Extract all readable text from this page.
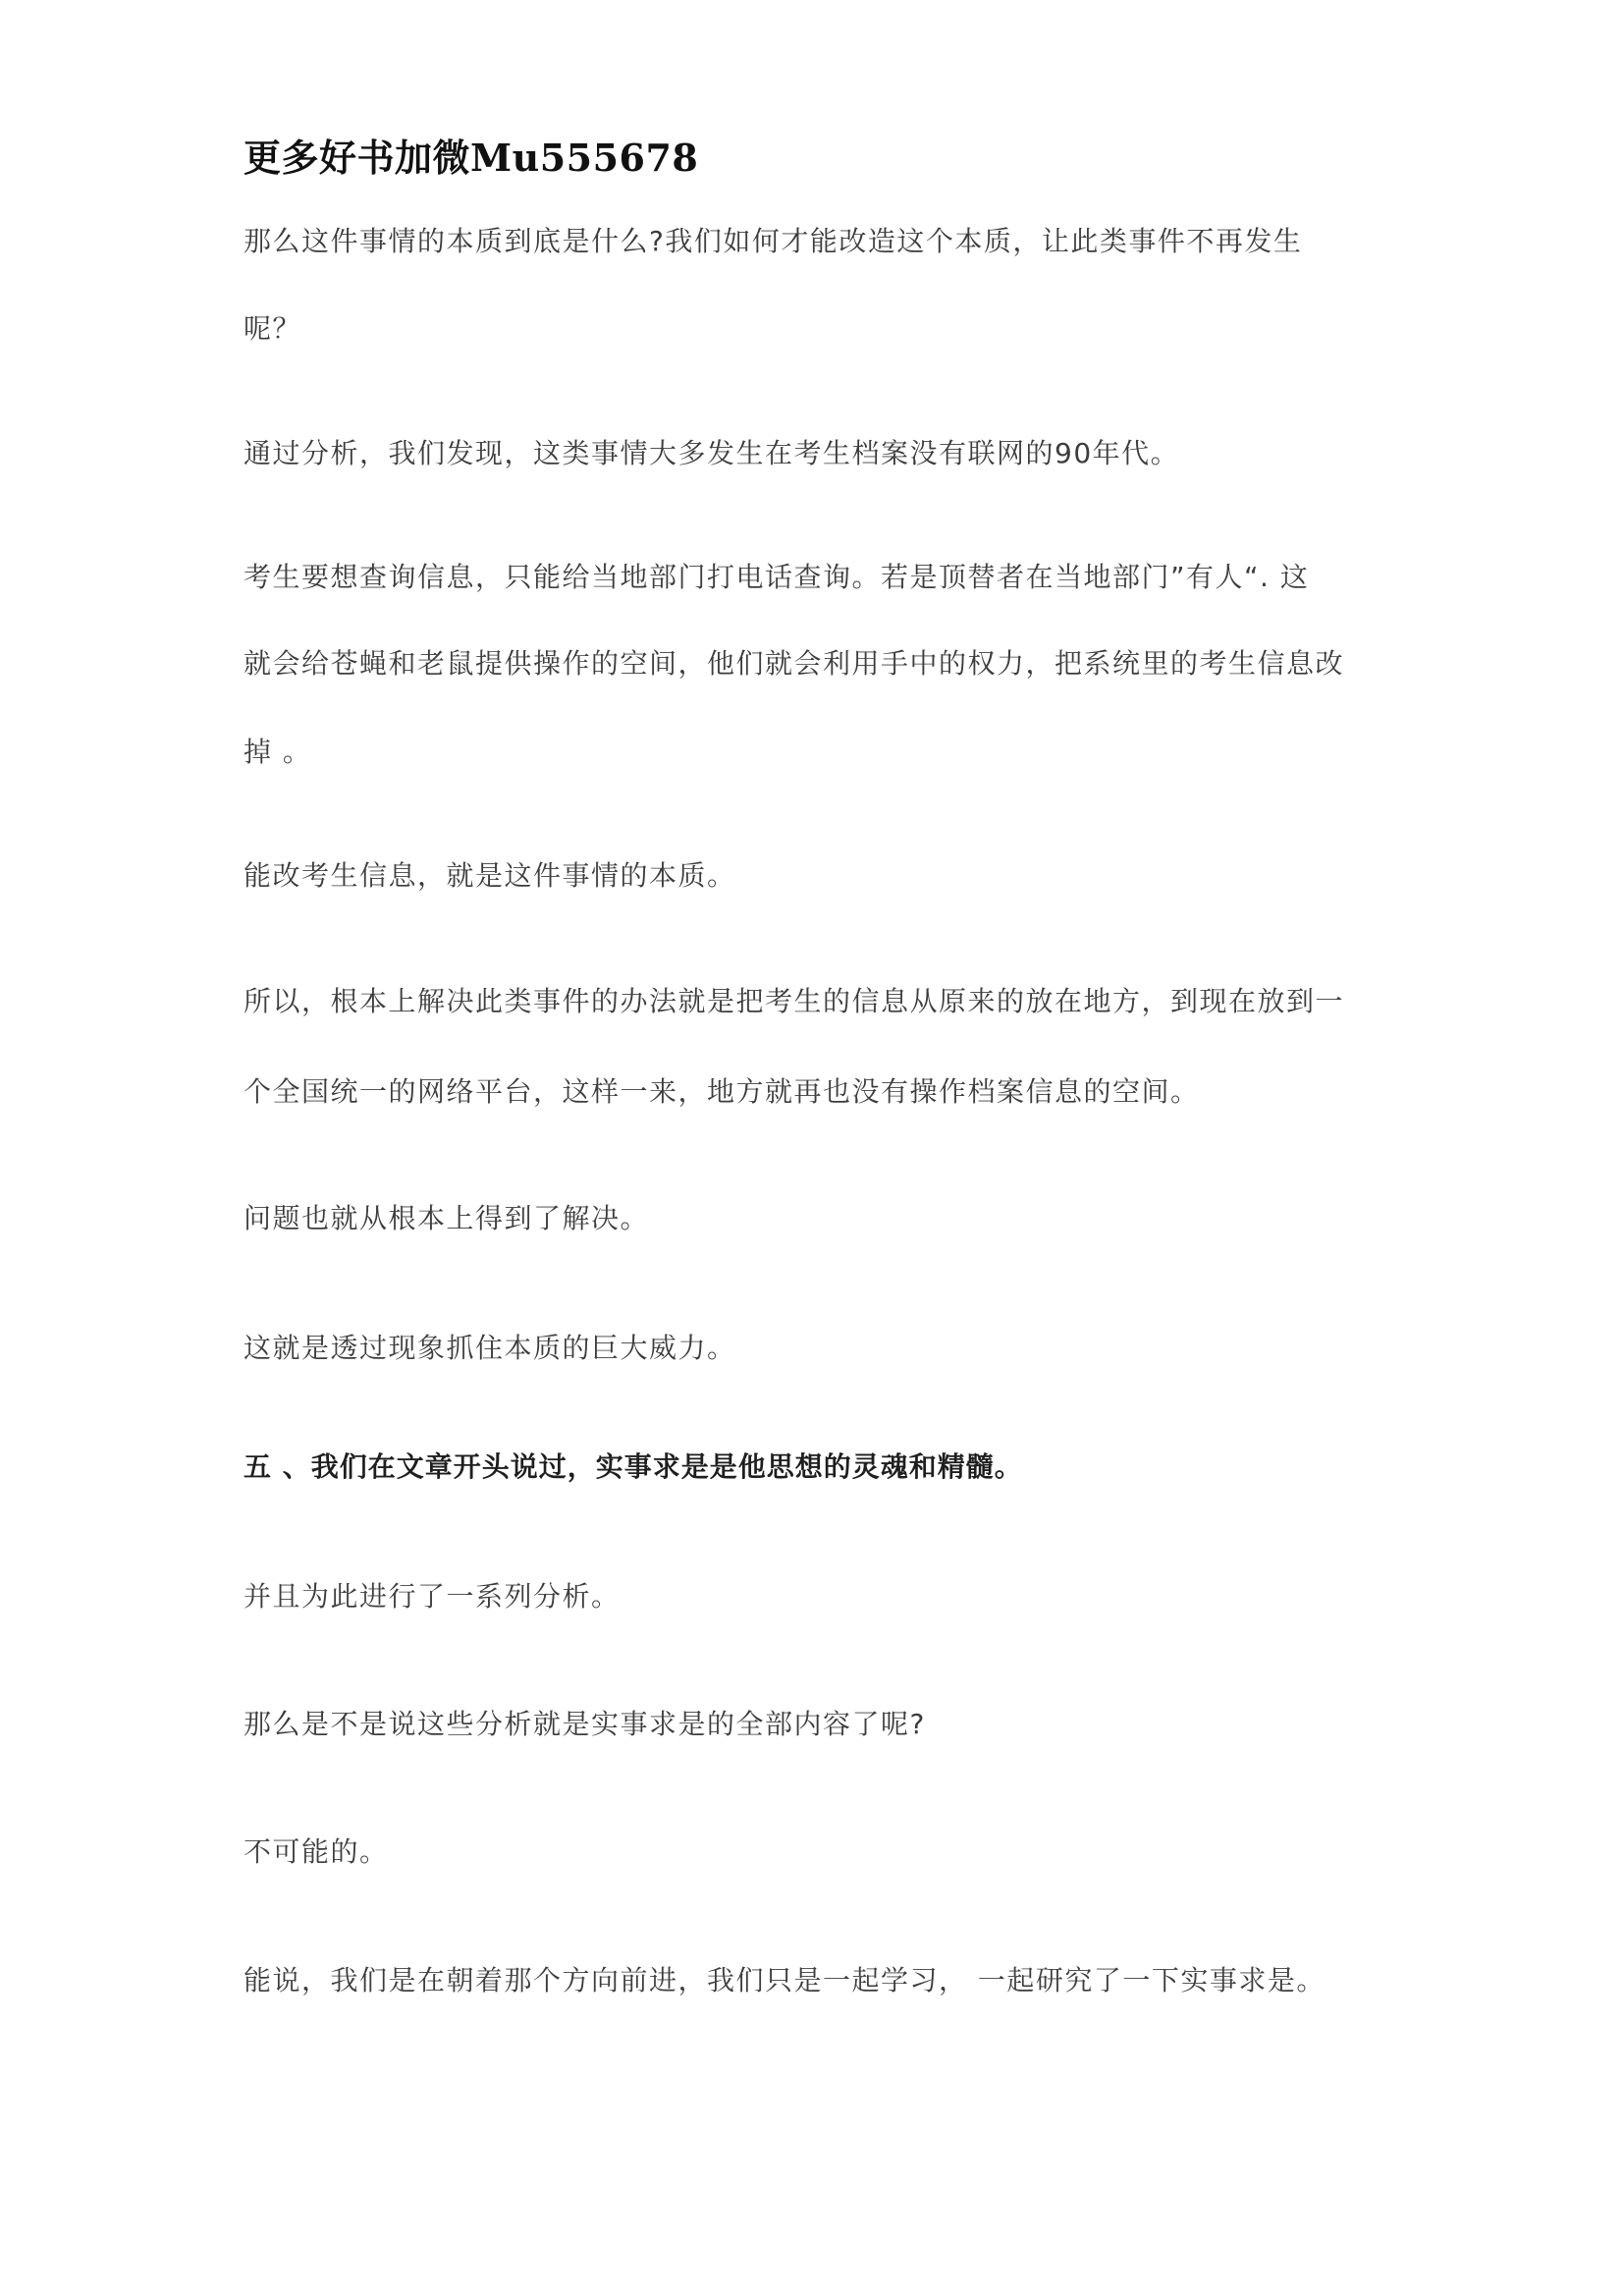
更多好书加微Mu555678

那么这件事情的本质到底是什么?我们如何才能改造这个本质，让此类事件不再发生

呢？

通过分析，我们发现，这类事情大多发生在考生档案没有联网的90年代。

考生要想查询信息，只能给当地部门打电话查询。若是顶替者在当地部门”有人“. 这

就会给苍蝇和老鼠提供操作的空间，他们就会利用手中的权力，把系统里的考生信息改

掉 。

能改考生信息，就是这件事情的本质。

所以，根本上解决此类事件的办法就是把考生的信息从原来的放在地方，到现在放到一

个全国统一的网络平台，这样一来，地方就再也没有操作档案信息的空间。

问题也就从根本上得到了解决。

这就是透过现象抓住本质的巨大威力。

五 、我们在文章开头说过，实事求是是他思想的灵魂和精髓。

并且为此进行了一系列分析。

那么是不是说这些分析就是实事求是的全部内容了呢?

不可能的。

能说，我们是在朝着那个方向前进，我们只是一起学习， 一起研究了一下实事求是。
